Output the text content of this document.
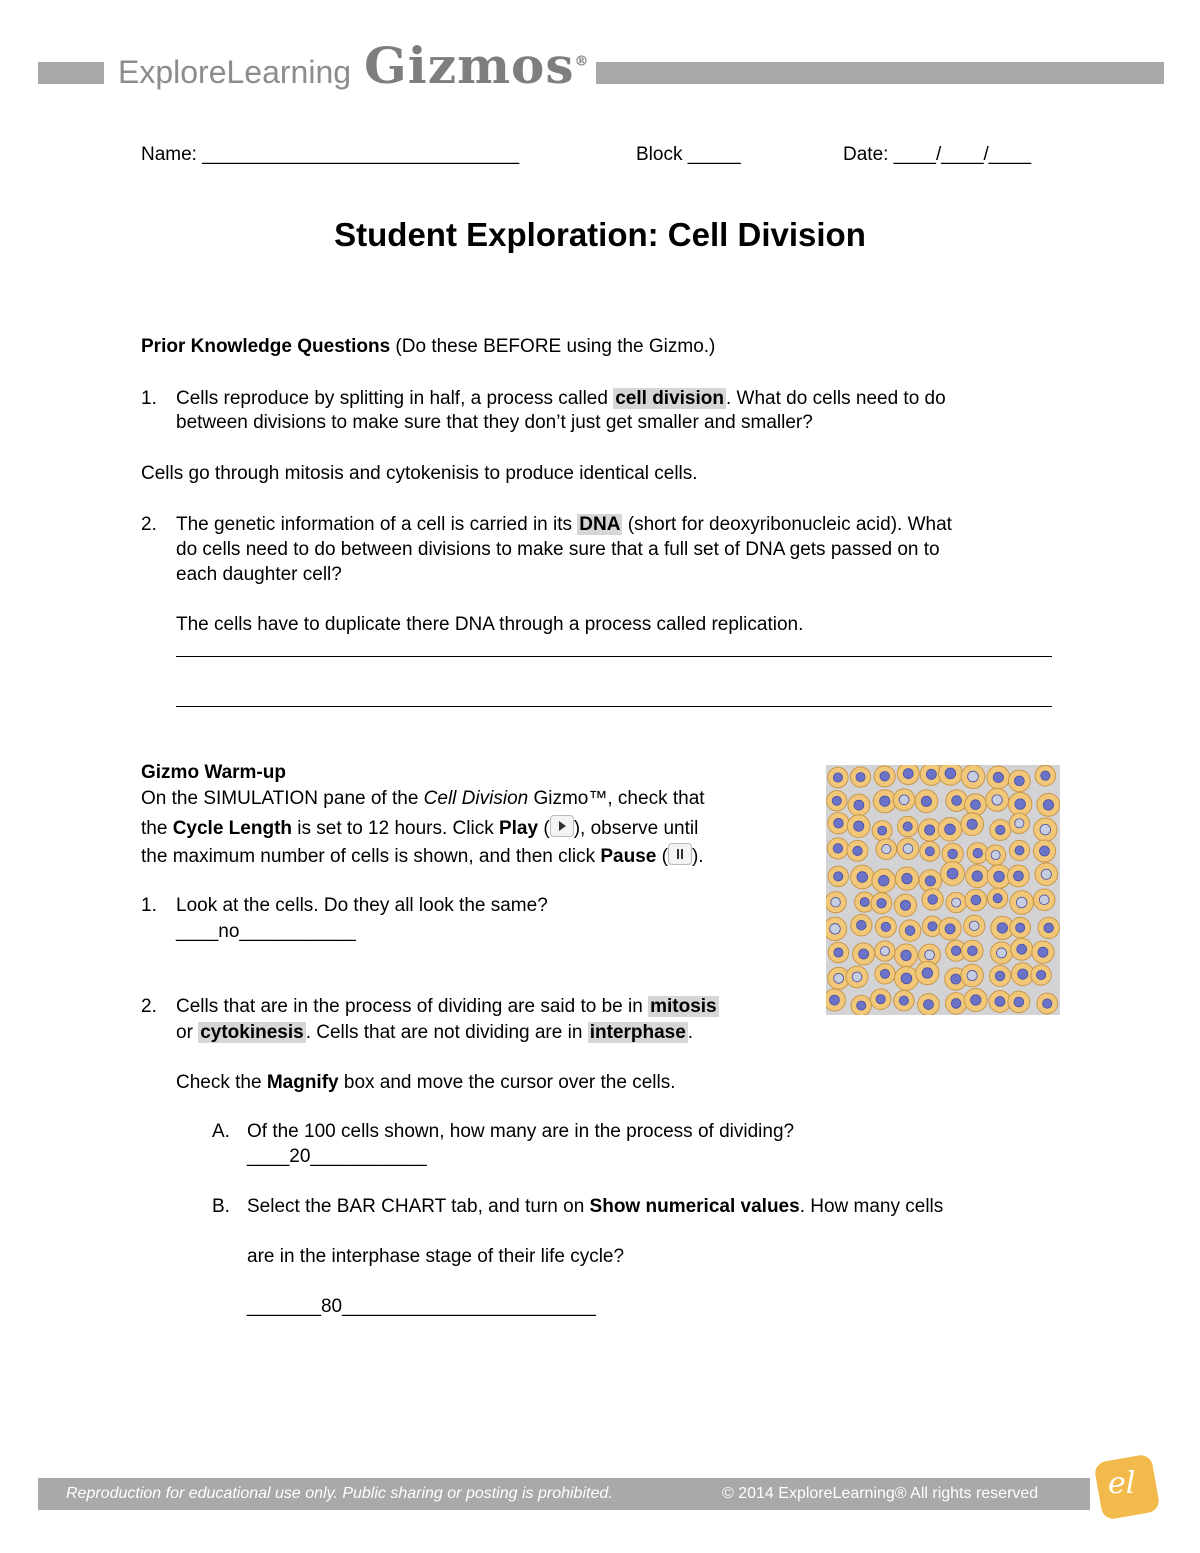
ExploreLearning Gizmos®
Name: ______________________________	Block _____	Date: ____/____/____
Student Exploration: Cell Division
Prior Knowledge Questions (Do these BEFORE using the Gizmo.)
1. Cells reproduce by splitting in half, a process called cell division . What do cells need to do
between divisions to make sure that they don’t just get smaller and smaller?
Cells go through mitosis and cytokenisis to produce identical cells.
2. The genetic information of a cell is carried in its DNA (short for deoxyribonucleic acid). What
do cells need to do between divisions to make sure that a full set of DNA gets passed on to
each daughter cell?
The cells have to duplicate there DNA through a process called replication.
Gizmo Warm-up
On the SIMULATION pane of the Cell Division Gizmo™, check that
the Cycle Length is set to 12 hours. Click Play ( ), observe until
the maximum number of cells is shown, and then click Pause ( ).
1. Look at the cells. Do they all look the same?
____no___________
2. Cells that are in the process of dividing are said to be in mitosis
or cytokinesis . Cells that are not dividing are in interphase .
Check the Magnify box and move the cursor over the cells.
A. Of the 100 cells shown, how many are in the process of dividing?
____20___________
B. Select the BAR CHART tab, and turn on Show numerical values. How many cells
are in the interphase stage of their life cycle?
_______80________________________
Reproduction for educational use only. Public sharing or posting is prohibited.	© 2014 ExploreLearning® All rights reserved el
